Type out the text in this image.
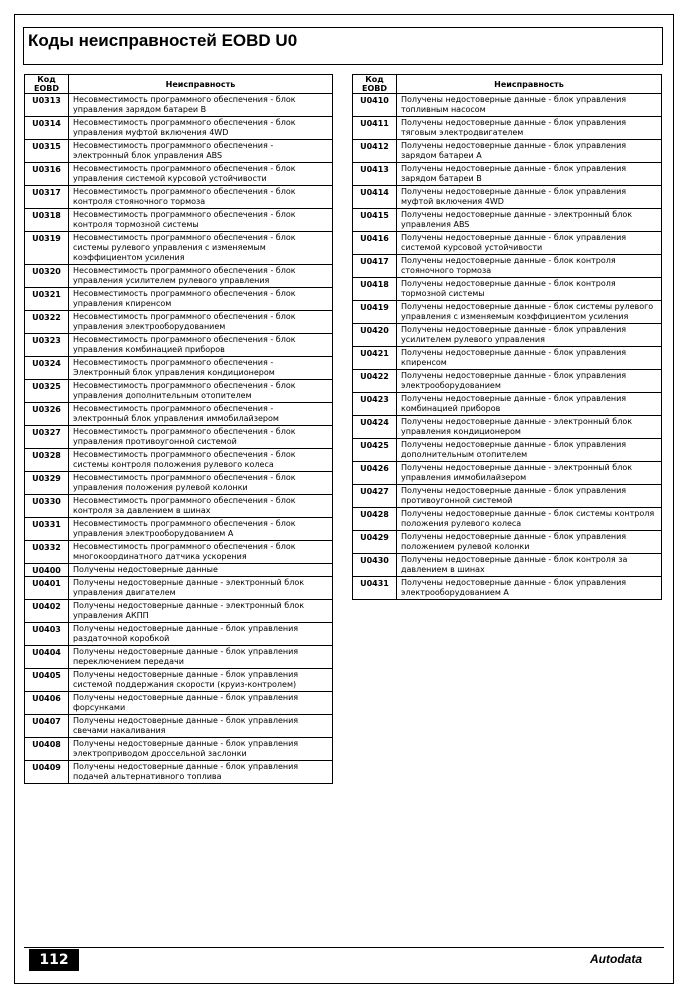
Коды неисправностей EOBD U0
Код EOBD	Неисправность
U0313	Несовместимость программного обеспечения - блок управления зарядом батареи B
U0314	Несовместимость программного обеспечения - блок управления муфтой включения 4WD
U0315	Несовместимость программного обеспечения - электронный блок управления ABS
U0316	Несовместимость программного обеспечения - блок управления системой курсовой устойчивости
U0317	Несовместимость программного обеспечения - блок контроля стояночного тормоза
U0318	Несовместимость программного обеспечения - блок контроля тормозной системы
U0319	Несовместимость программного обеспечения - блок системы рулевого управления с изменяемым коэффициентом усиления
U0320	Несовместимость программного обеспечения - блок управления усилителем рулевого управления
U0321	Несовместимость программного обеспечения - блок управления кпиренсом
U0322	Несовместимость программного обеспечения - блок управления электрооборудованием
U0323	Несовместимость программного обеспечения - блок управления комбинацией приборов
U0324	Несовместимость программного обеспечения - Электронный блок управления кондиционером
U0325	Несовместимость программного обеспечения - блок управления дополнительным отопителем
U0326	Несовместимость программного обеспечения - электронный блок управления иммобилайзером
U0327	Несовместимость программного обеспечения - блок управления противоугонной системой
U0328	Несовместимость программного обеспечения - блок системы контроля положения рулевого колеса
U0329	Несовместимость программного обеспечения - блок управления положения рулевой колонки
U0330	Несовместимость программного обеспечения - блок контроля за давлением в шинах
U0331	Несовместимость программного обеспечения - блок управления электрооборудованием A
U0332	Несовместимость программного обеспечения - блок многокоординатного датчика ускорения
U0400	Получены недостоверные данные
U0401	Получены недостоверные данные - электронный блок управления двигателем
U0402	Получены недостоверные данные - электронный блок управления АКПП
U0403	Получены недостоверные данные - блок управления раздаточной коробкой
U0404	Получены недостоверные данные - блок управления переключением передачи
U0405	Получены недостоверные данные - блок управления системой поддержания скорости (круиз-контролем)
U0406	Получены недостоверные данные - блок управления форсунками
U0407	Получены недостоверные данные - блок управления свечами накаливания
U0408	Получены недостоверные данные - блок управления электроприводом дроссельной заслонки
U0409	Получены недостоверные данные - блок управления подачей альтернативного топлива
Код EOBD	Неисправность
U0410	Получены недостоверные данные - блок управления топливным насосом
U0411	Получены недостоверные данные - блок управления тяговым электродвигателем
U0412	Получены недостоверные данные - блок управления зарядом батареи A
U0413	Получены недостоверные данные - блок управления зарядом батареи B
U0414	Получены недостоверные данные - блок управления муфтой включения 4WD
U0415	Получены недостоверные данные - электронный блок управления ABS
U0416	Получены недостоверные данные - блок управления системой курсовой устойчивости
U0417	Получены недостоверные данные - блок контроля стояночного тормоза
U0418	Получены недостоверные данные - блок контроля тормозной системы
U0419	Получены недостоверные данные - блок системы рулевого управления с изменяемым коэффициентом усиления
U0420	Получены недостоверные данные - блок управления усилителем рулевого управления
U0421	Получены недостоверные данные - блок управления кпиренсом
U0422	Получены недостоверные данные - блок управления электрооборудованием
U0423	Получены недостоверные данные - блок управления комбинацией приборов
U0424	Получены недостоверные данные - электронный блок управления кондиционером
U0425	Получены недостоверные данные - блок управления дополнительным отопителем
U0426	Получены недостоверные данные - электронный блок управления иммобилайзером
U0427	Получены недостоверные данные - блок управления противоугонной системой
U0428	Получены недостоверные данные - блок системы контроля положения рулевого колеса
U0429	Получены недостоверные данные - блок управления положением рулевой колонки
U0430	Получены недостоверные данные - блок контроля за давлением в шинах
U0431	Получены недостоверные данные - блок управления электрооборудованием A
112	Autodata
